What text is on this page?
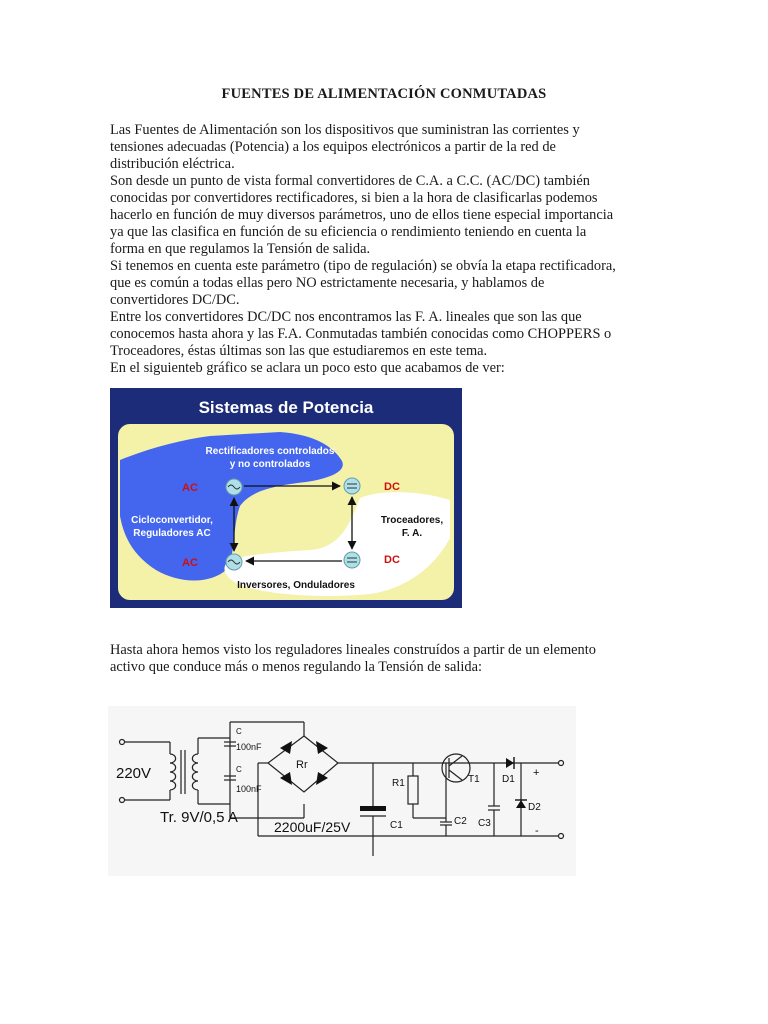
FUENTES DE ALIMENTACIÓN CONMUTADAS

Las Fuentes de Alimentación son los dispositivos que suministran las corrientes y

tensiones adecuadas (Potencia) a los equipos electrónicos a partir de la red de

distribución eléctrica.

Son desde un punto de vista formal convertidores de C.A. a C.C. (AC/DC) también

conocidas por convertidores rectificadores, si bien a la hora de clasificarlas podemos

hacerlo en función de muy diversos parámetros, uno de ellos tiene especial importancia

ya que las clasifica en función de su eficiencia o rendimiento teniendo en cuenta la

forma en que regulamos la Tensión de salida.

Si tenemos en cuenta este parámetro (tipo de regulación) se obvía la etapa rectificadora,

que es común a todas ellas pero NO estrictamente necesaria, y hablamos de

convertidores DC/DC.

Entre los convertidores DC/DC nos encontramos las F. A. lineales que son las que

conocemos hasta ahora y las F.A. Conmutadas también conocidas como CHOPPERS o

Troceadores, éstas últimas son las que estudiaremos en este tema.

En el siguienteb gráfico se aclara un poco esto que acabamos de ver:

Sistemas de Potencia
Rectificadores controlados
y no controlados
AC	DC
AC	DC
Cicloconvertidor,
Reguladores AC
Troceadores,
F. A.
Inversores, Onduladores

Hasta ahora hemos visto los reguladores lineales construídos a partir de un elemento

activo que conduce más o menos regulando la Tensión de salida:

220V
Tr. 9V/0,5 A
C
100nF
C
100nF
Rr
2200uF/25V	C1
R1	T1
C2 C3
D1
D2
+
-
